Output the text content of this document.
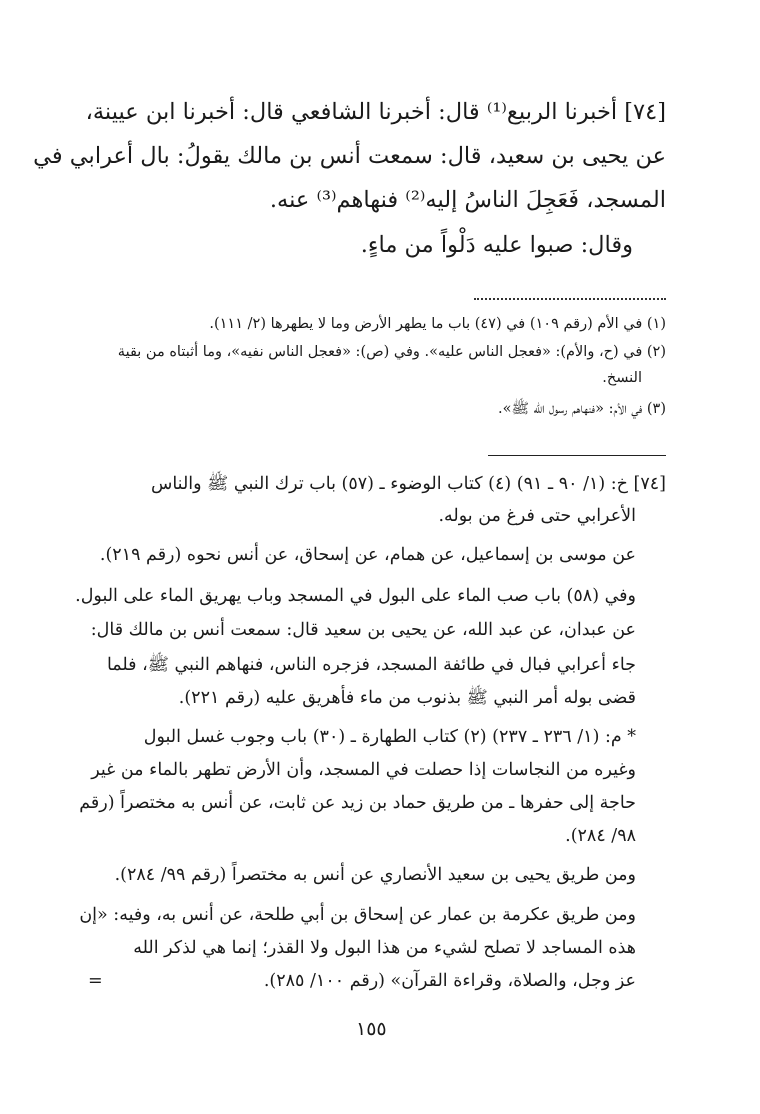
[٧٤] أخبرنا الربيع⁽¹⁾ قال: أخبرنا الشافعي قال: أخبرنا ابن عيينة،

عن يحيى بن سعيد، قال: سمعت أنس بن مالك يقولُ: بال أعرابي في

المسجد، فَعَجِلَ الناسُ إليه⁽²⁾ فنهاهم⁽³⁾ عنه.

وقال: صبوا عليه دَلْواً من ماءٍ.

(١) في الأم (رقم ١٠٩) في (٤٧) باب ما يطهر الأرض وما لا يطهرها (٢/ ١١١).

(٢) في (ح، والأم): «فعجل الناس عليه». وفي (ص): «فعجل الناس نفيه»، وما أثبتاه من بقية

النسخ.

(٣) في الأم: «فنهاهم رسول الله ﷺ».

[٧٤] خ: (١/ ٩٠ ـ ٩١) (٤) كتاب الوضوء ـ (٥٧) باب ترك النبي ﷺ والناس

الأعرابي حتى فرغ من بوله.

عن موسى بن إسماعيل، عن همام، عن إسحاق، عن أنس نحوه (رقم ٢١٩).

وفي (٥٨) باب صب الماء على البول في المسجد وباب يهريق الماء على البول.

عن عبدان، عن عبد الله، عن يحيى بن سعيد قال: سمعت أنس بن مالك قال:

جاء أعرابي فبال في طائفة المسجد، فزجره الناس، فنهاهم النبي ﷺ، فلما

قضى بوله أمر النبي ﷺ بذنوب من ماء فأهريق عليه (رقم ٢٢١).

* م: (١/ ٢٣٦ ـ ٢٣٧) (٢) كتاب الطهارة ـ (٣٠) باب وجوب غسل البول

وغيره من النجاسات إذا حصلت في المسجد، وأن الأرض تطهر بالماء من غير

حاجة إلى حفرها ـ من طريق حماد بن زيد عن ثابت، عن أنس به مختصراً (رقم

٩٨/ ٢٨٤).

ومن طريق يحيى بن سعيد الأنصاري عن أنس به مختصراً (رقم ٩٩/ ٢٨٤).

ومن طريق عكرمة بن عمار عن إسحاق بن أبي طلحة، عن أنس به، وفيه: «إن

هذه المساجد لا تصلح لشيء من هذا البول ولا القذر؛ إنما هي لذكر الله

عز وجل، والصلاة، وقراءة القرآن» (رقم ١٠٠/ ٢٨٥).

=

١٥٥
